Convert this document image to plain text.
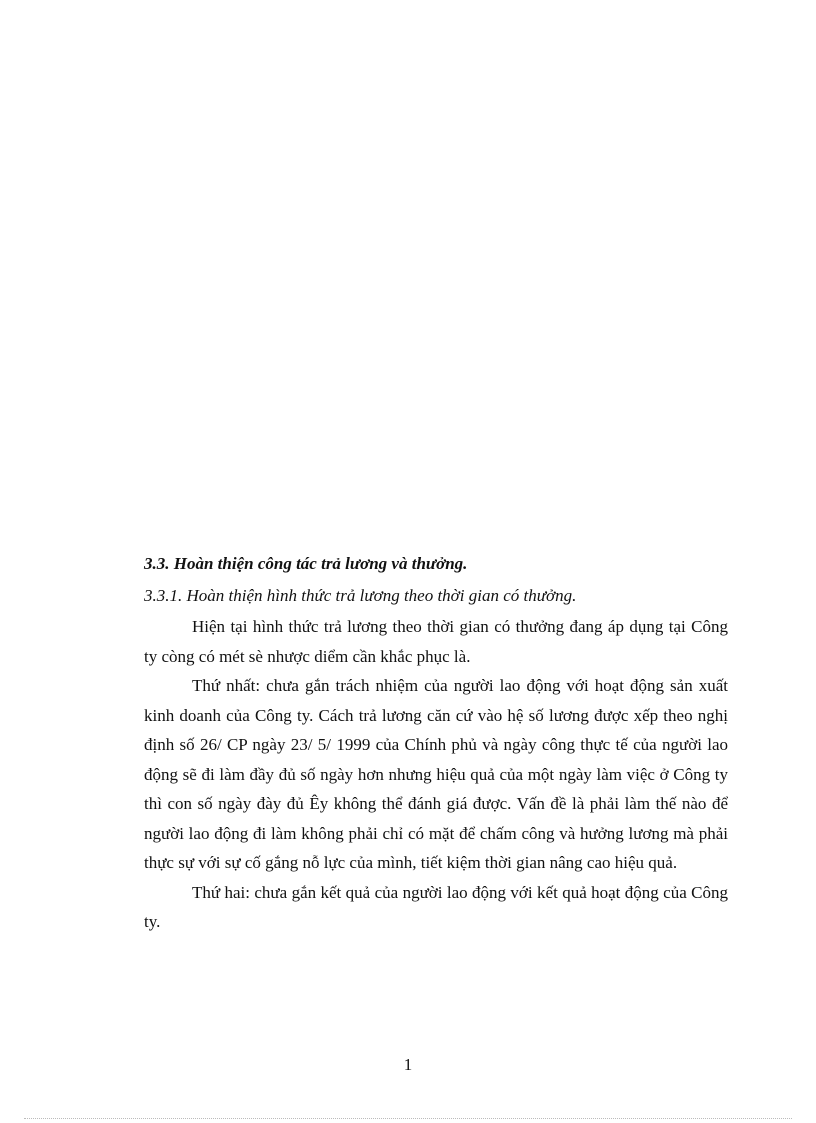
3.3. Hoàn thiện công tác trả lương và thưởng.
3.3.1. Hoàn thiện hình thức trả lương theo thời gian có thưởng.

Hiện tại hình thức trả lương theo thời gian có thưởng đang áp dụng tại Công ty còng có mét sè nhược diểm cần khắc phục là.

Thứ nhất: chưa gắn trách nhiệm của người lao động với hoạt động sản xuất kinh doanh của Công ty. Cách trả lương căn cứ vào hệ số lương được xếp theo nghị định số 26/ CP ngày 23/ 5/ 1999 của Chính phủ và ngày công thực tế của người lao động sẽ đi làm đầy đủ số ngày hơn nhưng hiệu quả của một ngày làm việc ở Công ty thì con số ngày đày đủ Êy không thể đánh giá được. Vấn đề là phải làm thế nào để người lao động đi làm không phải chỉ có mặt để chấm công và hưởng lương mà phải thực sự với sự cố gắng nỗ lực của mình, tiết kiệm thời gian nâng cao hiệu quả.

Thứ hai: chưa gắn kết quả của người lao động với kết quả hoạt động của Công ty.

1
